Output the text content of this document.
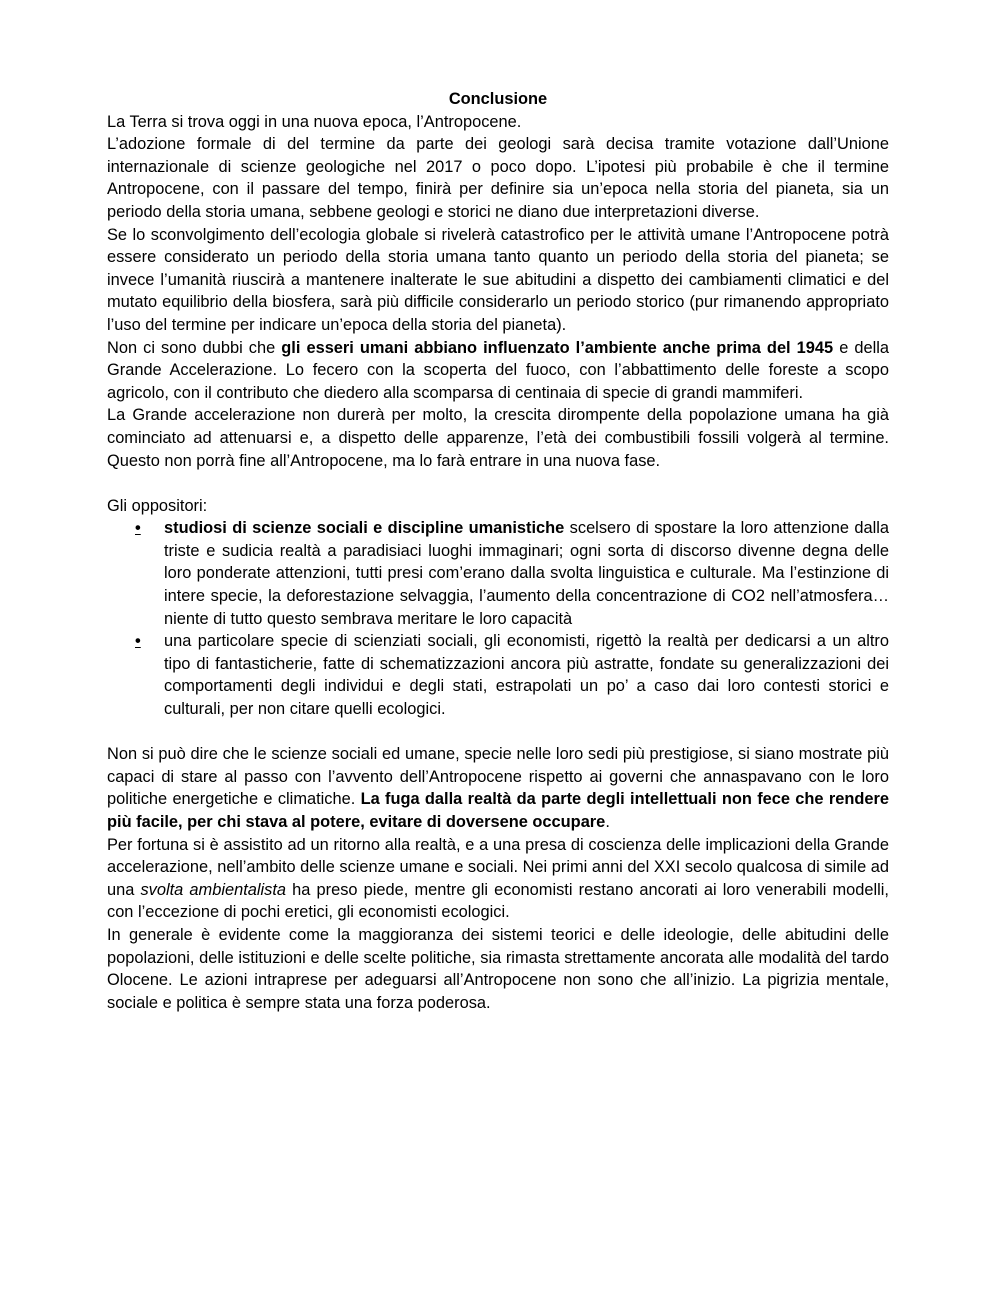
Conclusione

La Terra si trova oggi in una nuova epoca, l’Antropocene.

L’adozione formale di del termine da parte dei geologi sarà decisa tramite votazione dall’Unione internazionale di scienze geologiche nel 2017 o poco dopo. L’ipotesi più probabile è che il termine Antropocene, con il passare del tempo, finirà per definire sia un’epoca nella storia del pianeta, sia un periodo della storia umana, sebbene geologi e storici ne diano due interpretazioni diverse.

Se lo sconvolgimento dell’ecologia globale si rivelerà catastrofico per le attività umane l’Antropocene potrà essere considerato un periodo della storia umana tanto quanto un periodo della storia del pianeta; se invece l’umanità riuscirà a mantenere inalterate le sue abitudini a dispetto dei cambiamenti climatici e del mutato equilibrio della biosfera, sarà più difficile considerarlo un periodo storico (pur rimanendo appropriato l’uso del termine per indicare un’epoca della storia del pianeta).

Non ci sono dubbi che gli esseri umani abbiano influenzato l’ambiente anche prima del 1945 e della Grande Accelerazione. Lo fecero con la scoperta del fuoco, con l’abbattimento delle foreste a scopo agricolo, con il contributo che diedero alla scomparsa di centinaia di specie di grandi mammiferi.

La Grande accelerazione non durerà per molto, la crescita dirompente della popolazione umana ha già cominciato ad attenuarsi e, a dispetto delle apparenze, l’età dei combustibili fossili volgerà al termine. Questo non porrà fine all’Antropocene, ma lo farà entrare in una nuova fase.

Gli oppositori:

• studiosi di scienze sociali e discipline umanistiche scelsero di spostare la loro attenzione dalla triste e sudicia realtà a paradisiaci luoghi immaginari; ogni sorta di discorso divenne degna delle loro ponderate attenzioni, tutti presi com’erano dalla svolta linguistica e culturale. Ma l’estinzione di intere specie, la deforestazione selvaggia, l’aumento della concentrazione di CO2 nell’atmosfera… niente di tutto questo sembrava meritare le loro capacità
• una particolare specie di scienziati sociali, gli economisti, rigettò la realtà per dedicarsi a un altro tipo di fantasticherie, fatte di schematizzazioni ancora più astratte, fondate su generalizzazioni dei comportamenti degli individui e degli stati, estrapolati un po’ a caso dai loro contesti storici e culturali, per non citare quelli ecologici.

Non si può dire che le scienze sociali ed umane, specie nelle loro sedi più prestigiose, si siano mostrate più capaci di stare al passo con l’avvento dell’Antropocene rispetto ai governi che annaspavano con le loro politiche energetiche e climatiche. La fuga dalla realtà da parte degli intellettuali non fece che rendere più facile, per chi stava al potere, evitare di doversene occupare.

Per fortuna si è assistito ad un ritorno alla realtà, e a una presa di coscienza delle implicazioni della Grande accelerazione, nell’ambito delle scienze umane e sociali. Nei primi anni del XXI secolo qualcosa di simile ad una svolta ambientalista ha preso piede, mentre gli economisti restano ancorati ai loro venerabili modelli, con l’eccezione di pochi eretici, gli economisti ecologici.

In generale è evidente come la maggioranza dei sistemi teorici e delle ideologie, delle abitudini delle popolazioni, delle istituzioni e delle scelte politiche, sia rimasta strettamente ancorata alle modalità del tardo Olocene. Le azioni intraprese per adeguarsi all’Antropocene non sono che all’inizio. La pigrizia mentale, sociale e politica è sempre stata una forza poderosa.
